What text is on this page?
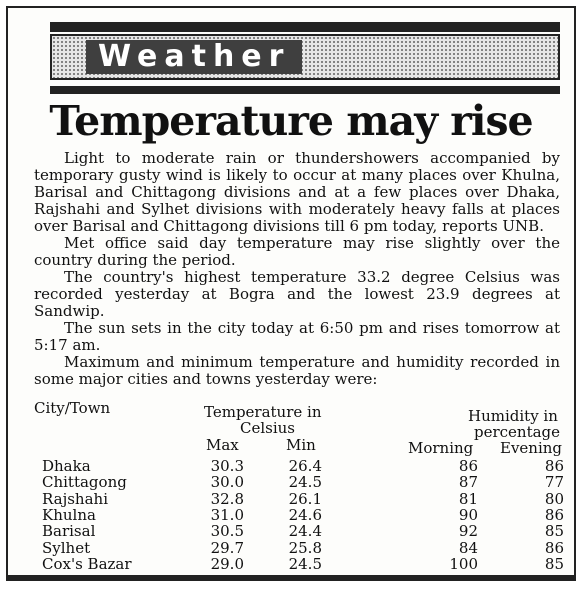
Weather
Temperature may rise

Light to moderate rain or thundershowers accompanied by temporary gusty wind is likely to occur at many places over Khulna, Barisal and Chittagong divisions and at a few places over Dhaka, Rajshahi and Sylhet divisions with moderately heavy falls at places over Barisal and Chittagong divisions till 6 pm today, reports UNB.

Met office said day temperature may rise slightly over the country during the period.

The country's highest temperature 33.2 degree Celsius was recorded yesterday at Bogra and the lowest 23.9 degrees at Sandwip.

The sun sets in the city today at 6:50 pm and rises tomorrow at 5:17 am.

Maximum and minimum temperature and humidity recorded in some major cities and towns yesterday were:

City/Town	Temperature in
Celsius
Humidity in
percentage
Max	Min	Morning Evening
Dhaka	30.3	26.4	86	86
Chittagong	30.0	24.5	87	77
Rajshahi	32.8	26.1	81	80
Khulna	31.0	24.6	90	86
Barisal	30.5	24.4	92	85
Sylhet	29.7	25.8	84	86
Cox's Bazar	29.0	24.5	100	85
